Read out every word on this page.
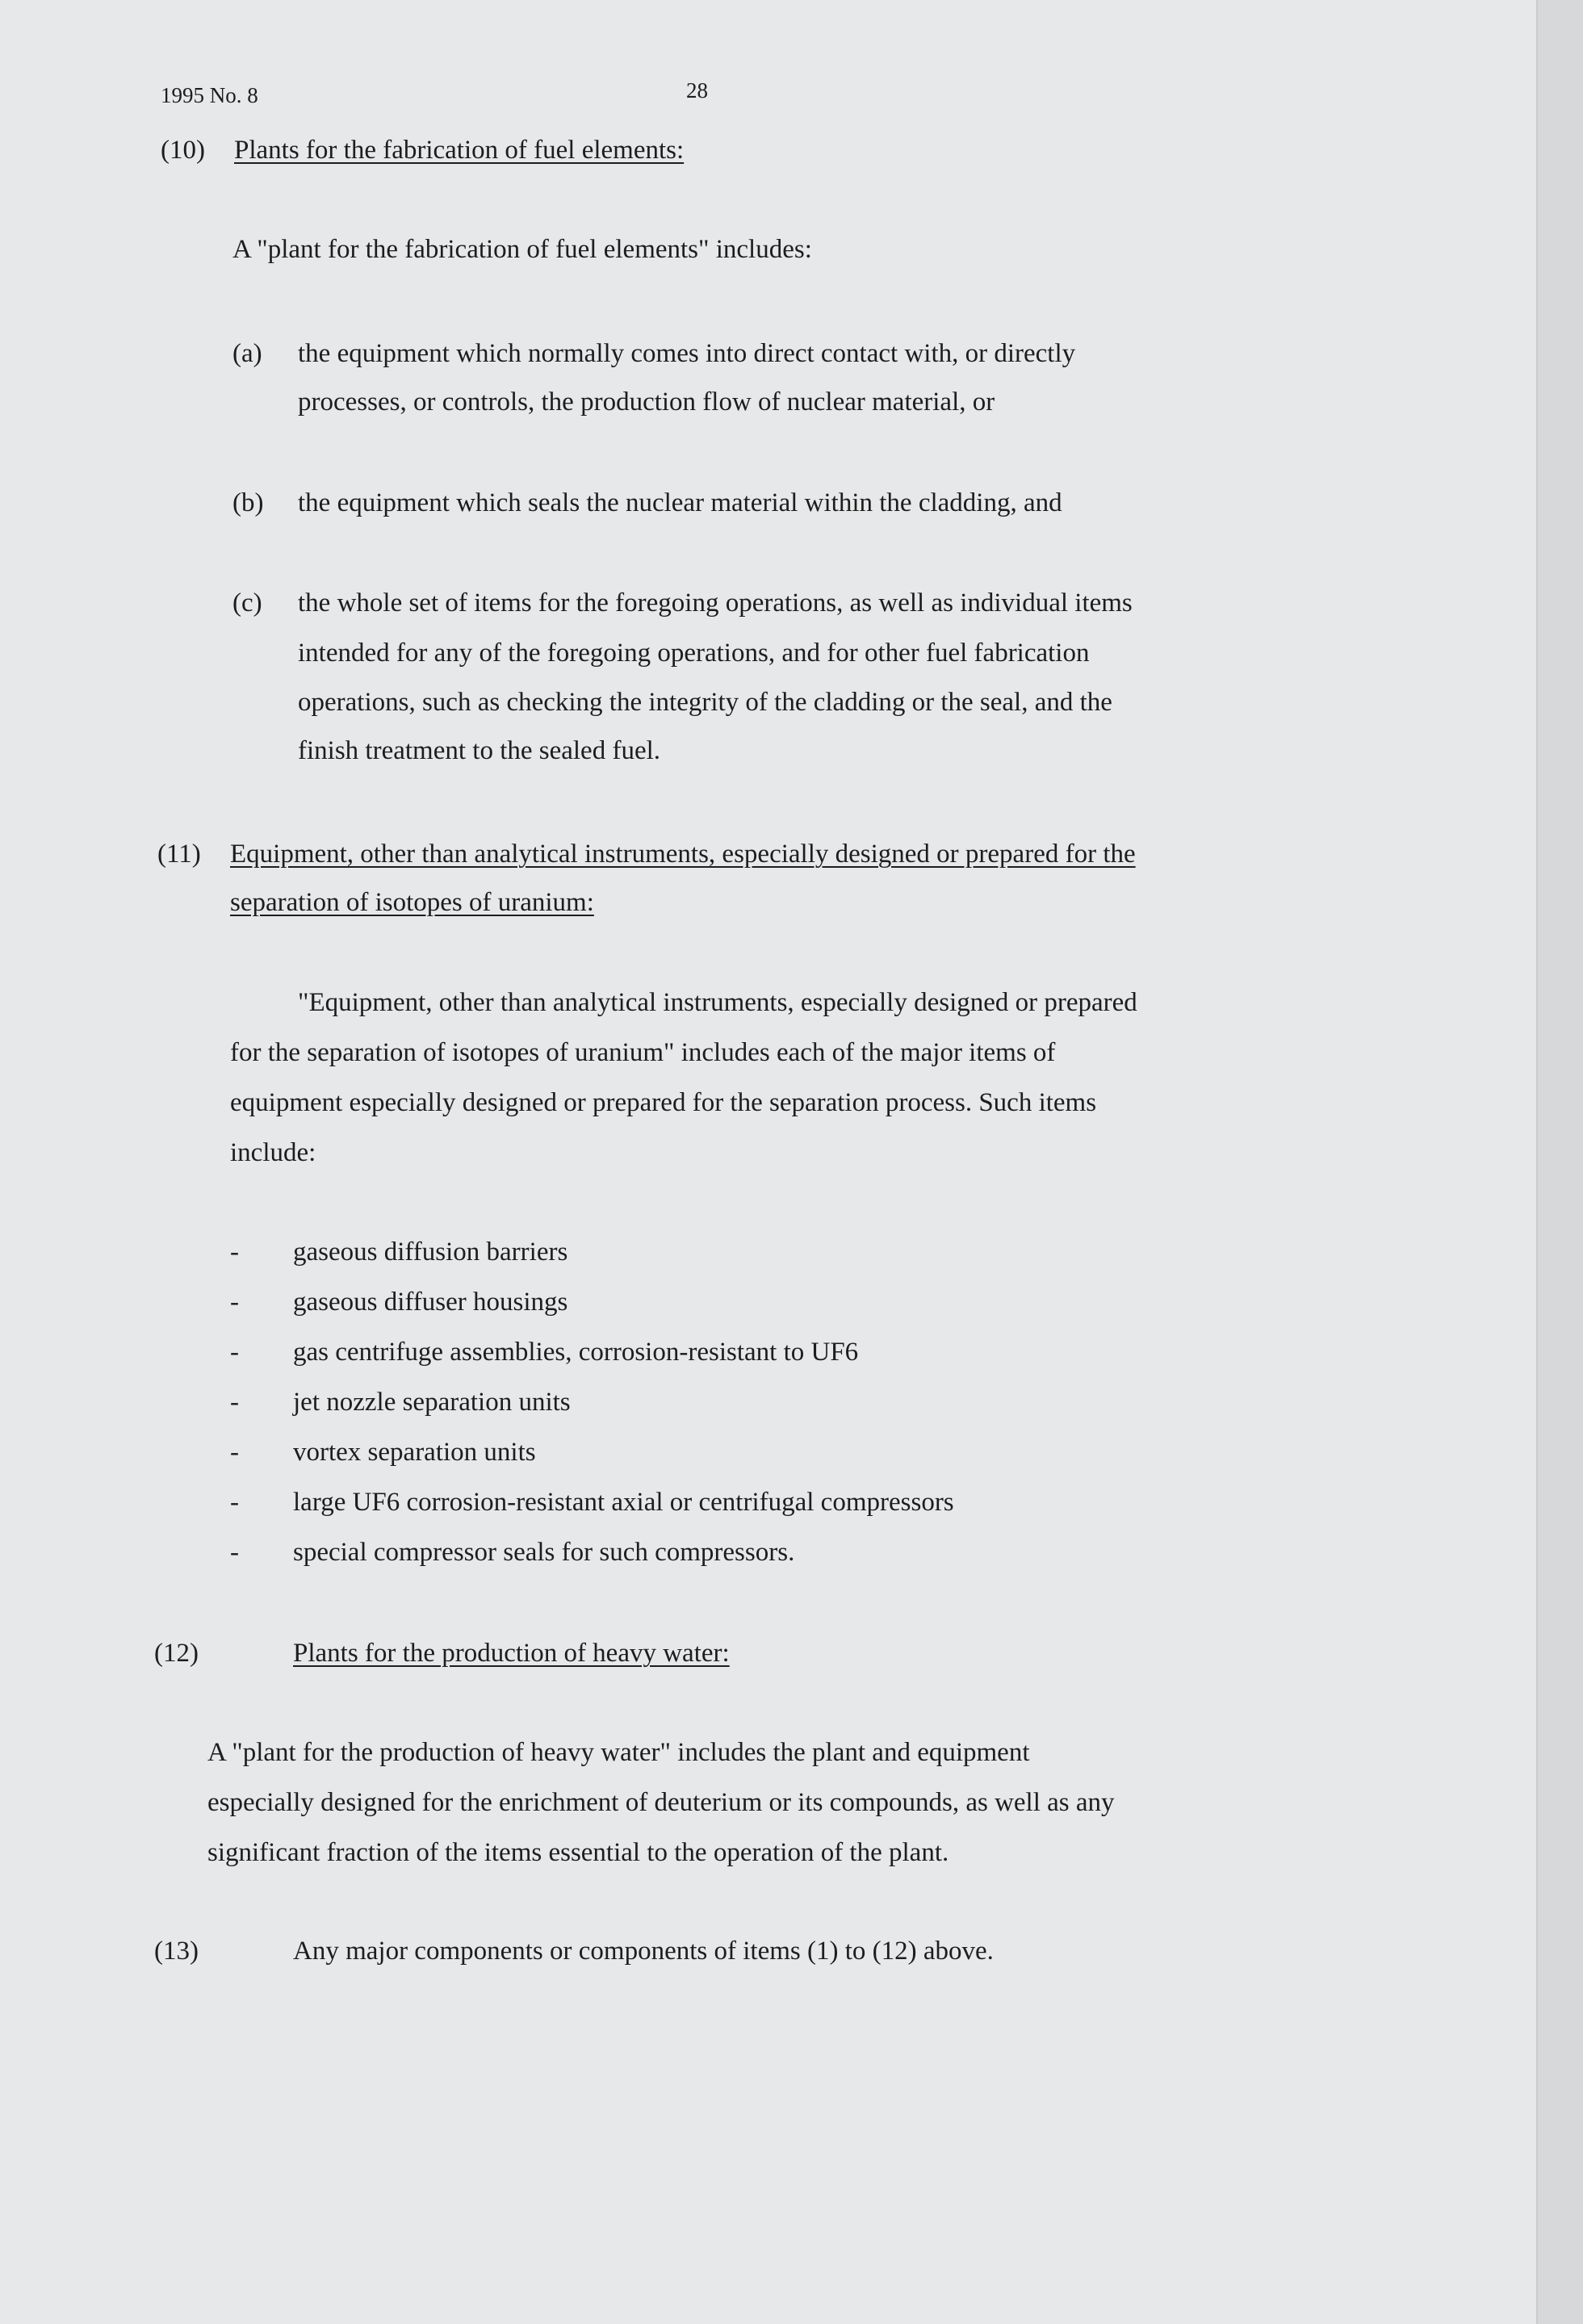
1995 No. 8	28
(10) Plants for the fabrication of fuel elements:
A "plant for the fabrication of fuel elements" includes:
(a) the equipment which normally comes into direct contact with, or directly
processes, or controls, the production flow of nuclear material, or
(b) the equipment which seals the nuclear material within the cladding, and
(c) the whole set of items for the foregoing operations, as well as individual items
intended for any of the foregoing operations, and for other fuel fabrication
operations, such as checking the integrity of the cladding or the seal, and the
finish treatment to the sealed fuel.
(11) Equipment, other than analytical instruments, especially designed or prepared for the
separation of isotopes of uranium:
"Equipment, other than analytical instruments, especially designed or prepared
for the separation of isotopes of uranium" includes each of the major items of
equipment especially designed or prepared for the separation process. Such items
include:
- gaseous diffusion barriers
- gaseous diffuser housings
- gas centrifuge assemblies, corrosion-resistant to UF6
- jet nozzle separation units
- vortex separation units
- large UF6 corrosion-resistant axial or centrifugal compressors
- special compressor seals for such compressors.
(12)	Plants for the production of heavy water:
A "plant for the production of heavy water" includes the plant and equipment
especially designed for the enrichment of deuterium or its compounds, as well as any
significant fraction of the items essential to the operation of the plant.
(13)	Any major components or components of items (1) to (12) above.
